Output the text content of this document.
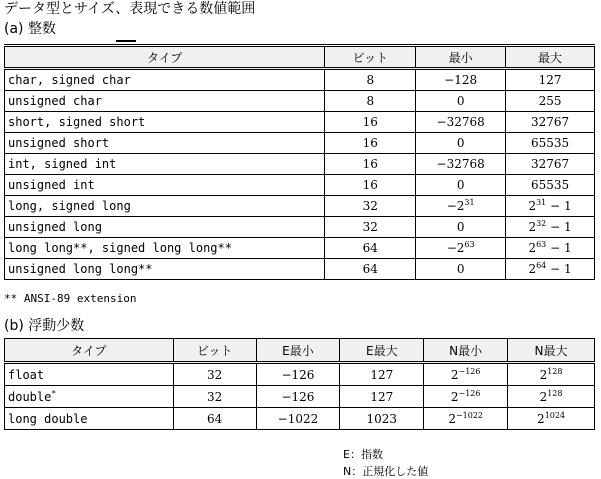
データ型とサイズ、表現できる数値範囲
(a) 整数
タイプ	ビット	最小	最大
char, signed char	8	−128	127
unsigned char	8	0	255
short, signed short	16	−32768	32767
unsigned short	16	0	65535
int, signed int	16	−32768	32767
unsigned int	16	0	65535
long, signed long	32	$-2^{31}$	$2^{31} - 1$
unsigned long	32	0	$2^{32} - 1$
long long**, signed long long**	64	$-2^{63}$	$2^{63} - 1$
unsigned long long**	64	0	$2^{64} - 1$
** ANSI-89 extension
(b) 浮動少数
タイプ	ビット	E最小	E最大	N最小	N最大
float	32	−126	127	$2^{-126}$	$2^{128}$
double*	32	−126	127	$2^{-126}$	$2^{128}$
long double	64	−1022	1023	$2^{-1022}$	$2^{1024}$
E：指数
N：正規化した値
